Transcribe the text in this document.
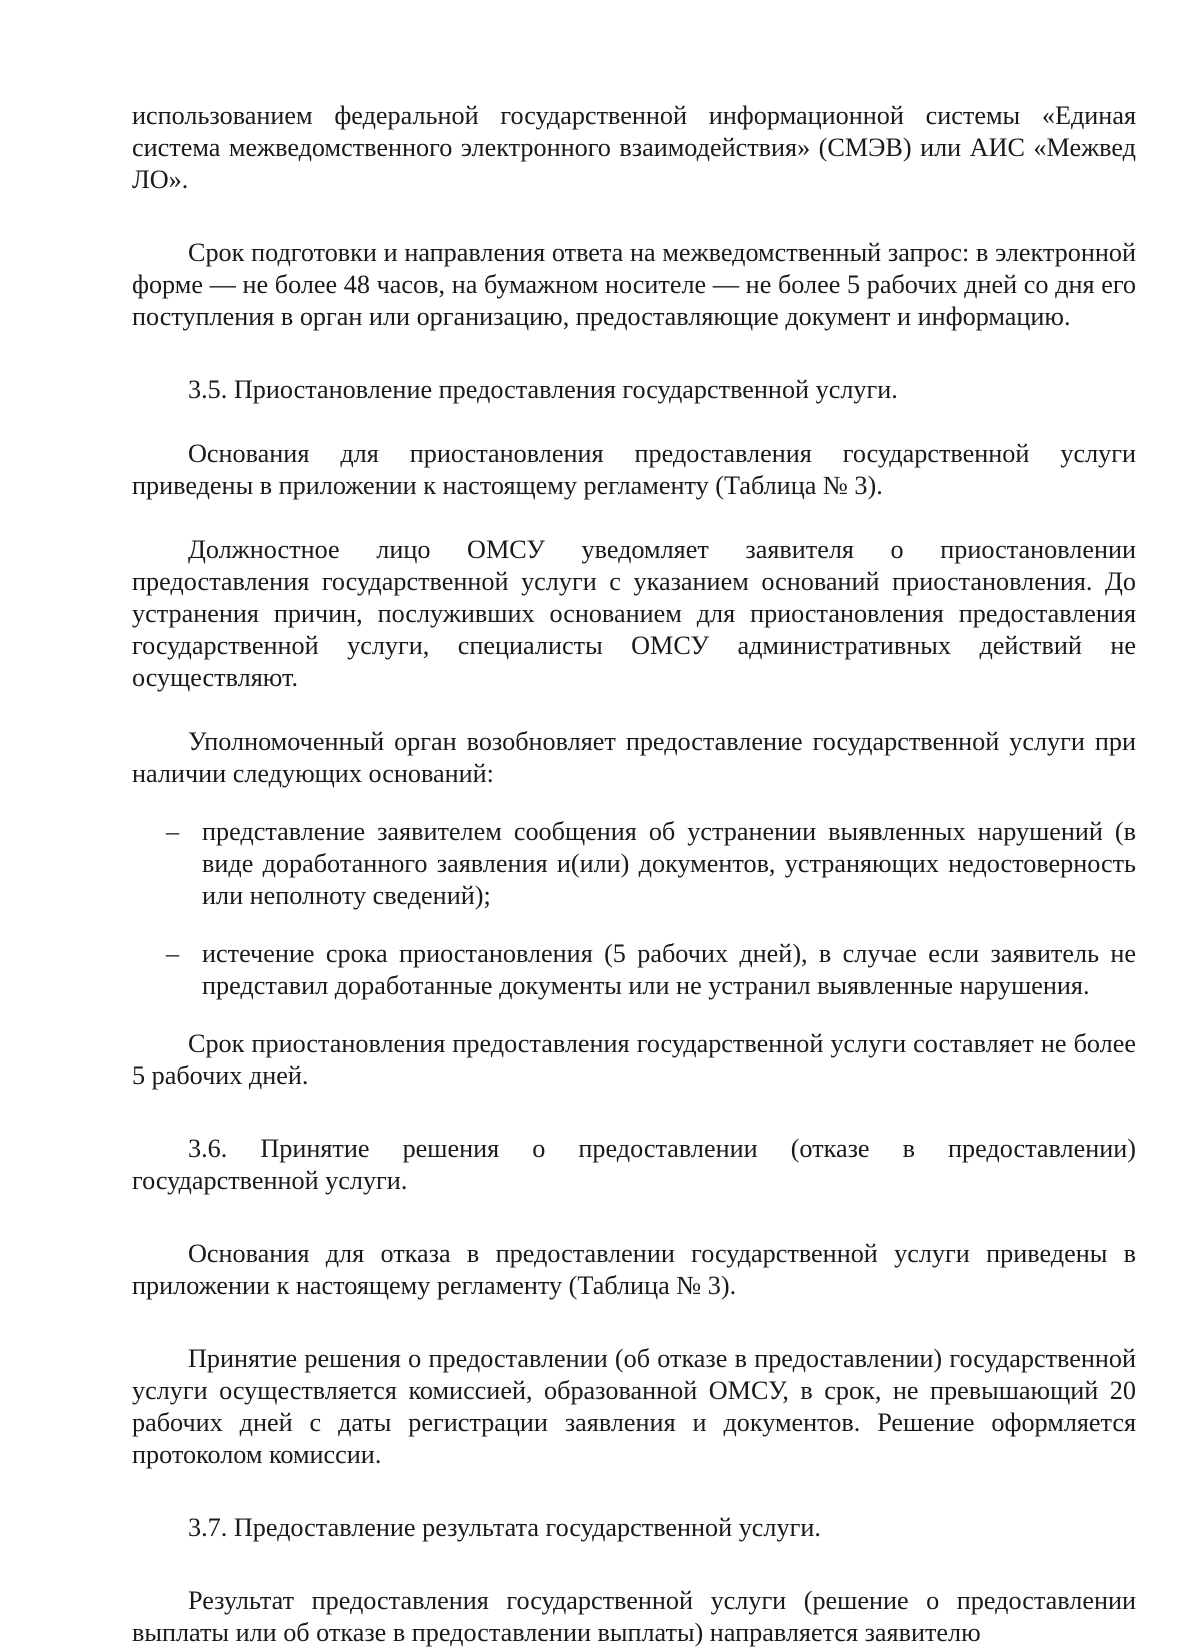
использованием федеральной государственной информационной системы «Единая система межведомственного электронного взаимодействия» (СМЭВ) или АИС «Межвед ЛО».

Срок подготовки и направления ответа на межведомственный запрос: в электронной форме — не более 48 часов, на бумажном носителе — не более 5 рабочих дней со дня его поступления в орган или организацию, предоставляющие документ и информацию.

3.5. Приостановление предоставления государственной услуги.

Основания для приостановления предоставления государственной услуги приведены в приложении к настоящему регламенту (Таблица № 3).

Должностное лицо ОМСУ уведомляет заявителя о приостановлении предоставления государственной услуги с указанием оснований приостановления. До устранения причин, послуживших основанием для приостановления предоставления государственной услуги, специалисты ОМСУ административных действий не осуществляют.

Уполномоченный орган возобновляет предоставление государственной услуги при наличии следующих оснований:

– представление заявителем сообщения об устранении выявленных нарушений (в виде доработанного заявления и(или) документов, устраняющих недостоверность или неполноту сведений);
– истечение срока приостановления (5 рабочих дней), в случае если заявитель не представил доработанные документы или не устранил выявленные нарушения.

Срок приостановления предоставления государственной услуги составляет не более 5 рабочих дней.

3.6. Принятие решения о предоставлении (отказе в предоставлении) государственной услуги.

Основания для отказа в предоставлении государственной услуги приведены в приложении к настоящему регламенту (Таблица № 3).

Принятие решения о предоставлении (об отказе в предоставлении) государственной услуги осуществляется комиссией, образованной ОМСУ, в срок, не превышающий 20 рабочих дней с даты регистрации заявления и документов. Решение оформляется протоколом комиссии.

3.7. Предоставление результата государственной услуги.

Результат предоставления государственной услуги (решение о предоставлении выплаты или об отказе в предоставлении выплаты) направляется заявителю
